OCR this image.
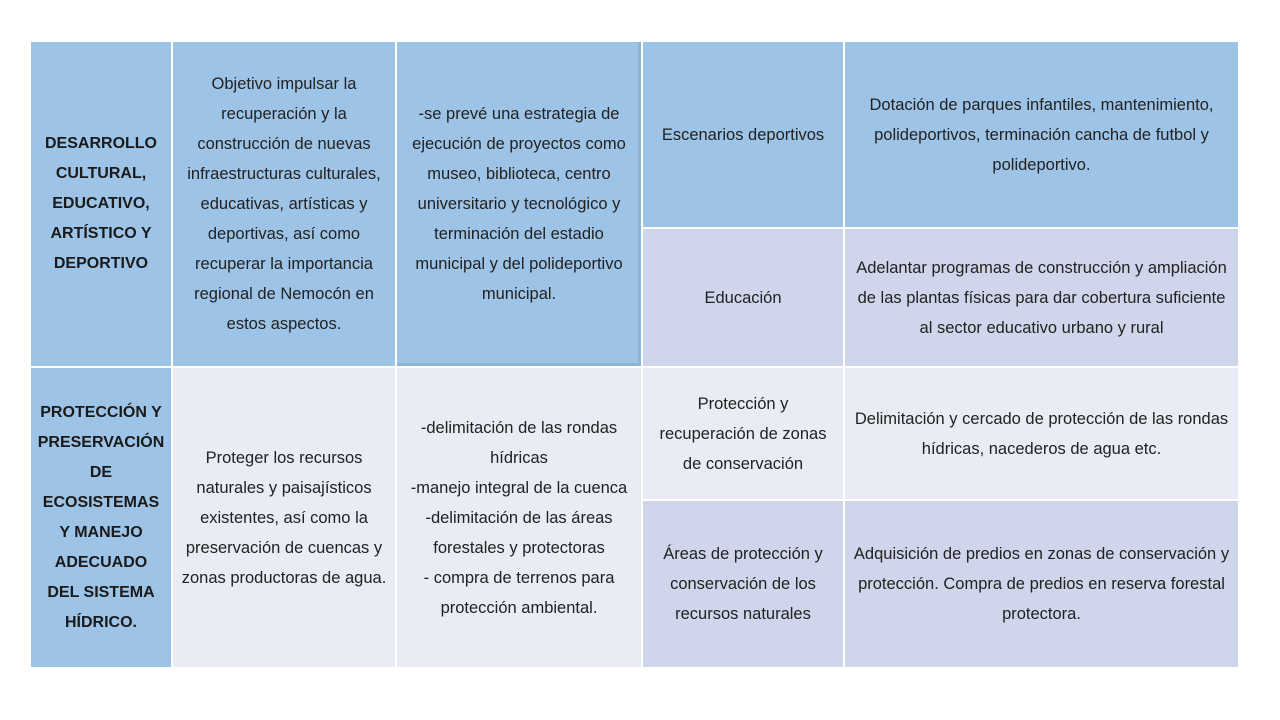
DESARROLLO CULTURAL, EDUCATIVO, ARTÍSTICO Y DEPORTIVO
Objetivo impulsar la recuperación y la construcción de nuevas infraestructuras culturales, educativas, artísticas y deportivas, así como recuperar la importancia regional de Nemocón en estos aspectos.
-se prevé una estrategia de ejecución de proyectos como museo, biblioteca, centro universitario y tecnológico y terminación del estadio municipal y del polideportivo municipal.
Escenarios deportivos
Dotación de parques infantiles, mantenimiento, polideportivos, terminación cancha de futbol y polideportivo.
Educación
Adelantar programas de construcción y ampliación de las plantas físicas para dar cobertura suficiente al sector educativo urbano y rural
PROTECCIÓN Y PRESERVACIÓN DE ECOSISTEMAS Y MANEJO ADECUADO DEL SISTEMA HÍDRICO.
Proteger los recursos naturales y paisajísticos existentes, así como la preservación de cuencas y zonas productoras de agua.
-delimitación de las rondas hídricas
-manejo integral de la cuenca
-delimitación de las áreas forestales y protectoras
- compra de terrenos para protección ambiental.
Protección y recuperación de zonas de conservación
Delimitación y cercado de protección de las rondas hídricas, nacederos de agua etc.
Áreas de protección y conservación de los recursos naturales
Adquisición de predios en zonas de conservación y protección. Compra de predios en reserva forestal protectora.
